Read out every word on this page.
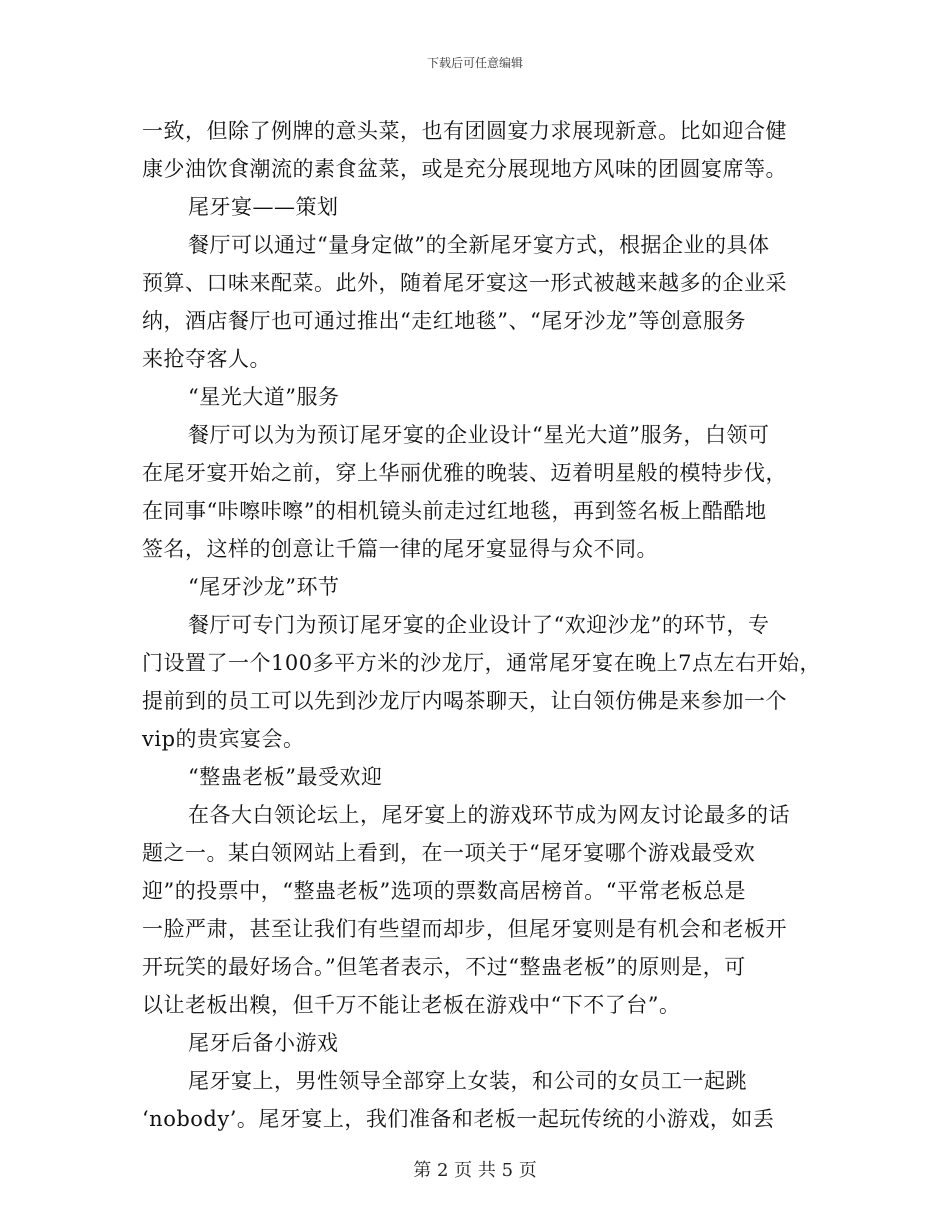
下载后可任意编辑
一致，但除了例牌的意头菜，也有团圆宴力求展现新意。比如迎合健
康少油饮食潮流的素食盆菜，或是充分展现地方风味的团圆宴席等。
尾牙宴——策划
餐厅可以通过“量身定做”的全新尾牙宴方式，根据企业的具体
预算、口味来配菜。此外，随着尾牙宴这一形式被越来越多的企业采
纳，酒店餐厅也可通过推出“走红地毯”、“尾牙沙龙”等创意服务
来抢夺客人。
“星光大道”服务
餐厅可以为为预订尾牙宴的企业设计“星光大道”服务，白领可
在尾牙宴开始之前，穿上华丽优雅的晚装、迈着明星般的模特步伐，
在同事“咔嚓咔嚓”的相机镜头前走过红地毯，再到签名板上酷酷地
签名，这样的创意让千篇一律的尾牙宴显得与众不同。
“尾牙沙龙”环节
餐厅可专门为预订尾牙宴的企业设计了“欢迎沙龙”的环节，专
门设置了一个100多平方米的沙龙厅，通常尾牙宴在晚上7点左右开始，
提前到的员工可以先到沙龙厅内喝茶聊天，让白领仿佛是来参加一个
vip的贵宾宴会。
“整蛊老板”最受欢迎
在各大白领论坛上，尾牙宴上的游戏环节成为网友讨论最多的话
题之一。某白领网站上看到，在一项关于“尾牙宴哪个游戏最受欢
迎”的投票中，“整蛊老板”选项的票数高居榜首。“平常老板总是
一脸严肃，甚至让我们有些望而却步，但尾牙宴则是有机会和老板开
开玩笑的最好场合。”但笔者表示，不过“整蛊老板”的原则是，可
以让老板出糗，但千万不能让老板在游戏中“下不了台”。
尾牙后备小游戏
尾牙宴上，男性领导全部穿上女装，和公司的女员工一起跳
‘nobody’。尾牙宴上，我们准备和老板一起玩传统的小游戏，如丢
第 2 页 共 5 页
